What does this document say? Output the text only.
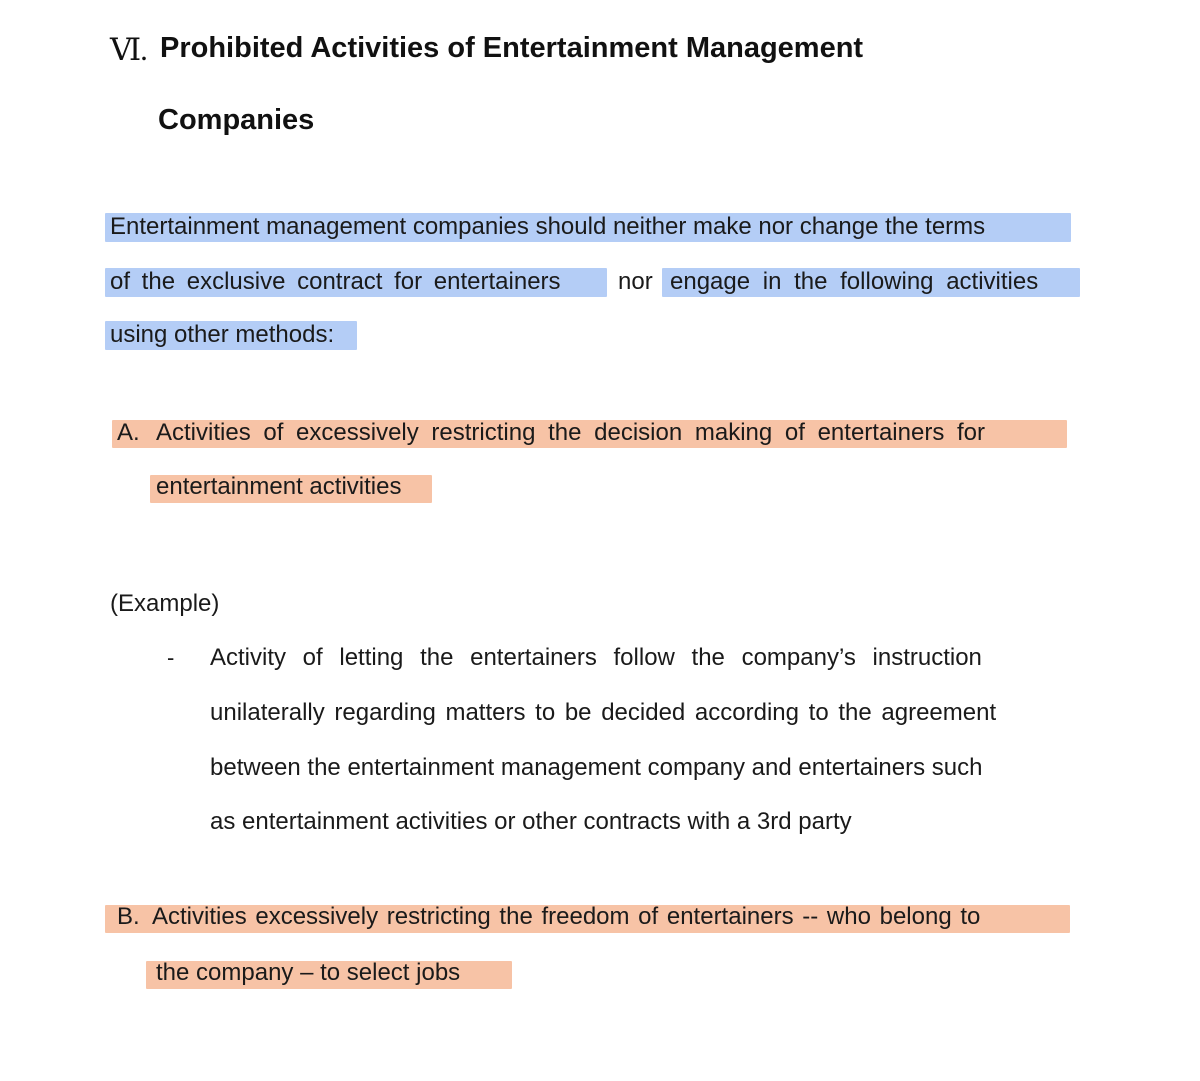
Ⅵ. Prohibited Activities of Entertainment Management
Companies
Entertainment management companies should neither make nor change the terms
of the exclusive contract for entertainers nor engage in the following activities
using other methods:
A. Activities of excessively restricting the decision making of entertainers for
entertainment activities
(Example)
- Activity of letting the entertainers follow the company’s instruction
unilaterally regarding matters to be decided according to the agreement
between the entertainment management company and entertainers such
as entertainment activities or other contracts with a 3rd party
B. Activities excessively restricting the freedom of entertainers -- who belong to
the company – to select jobs
